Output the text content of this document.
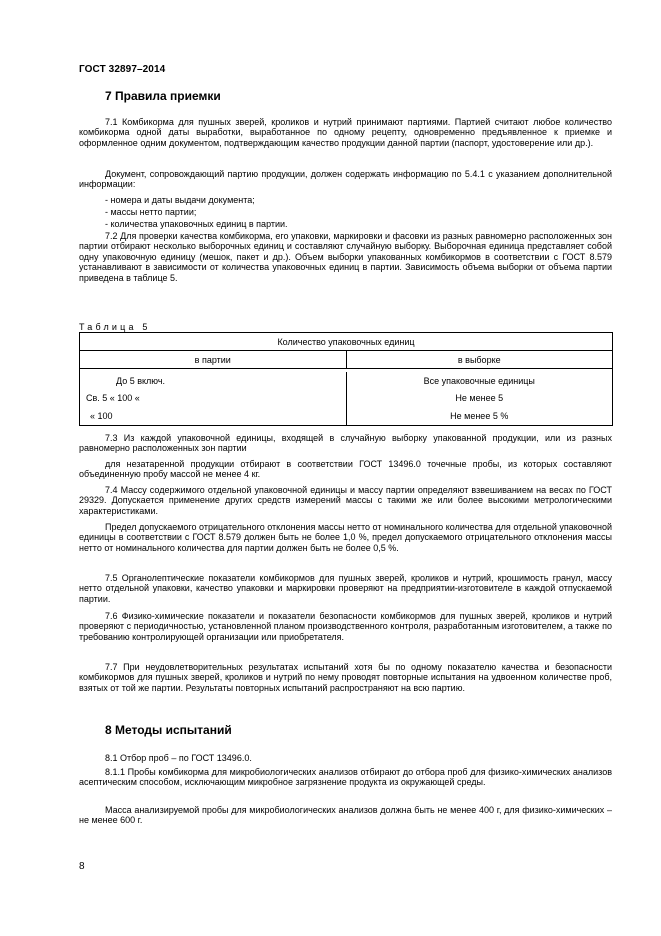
ГОСТ 32897–2014
7 Правила приемки

7.1 Комбикорма для пушных зверей, кроликов и нутрий принимают партиями. Партией считают любое количество комбикорма одной даты выработки, выработанное по одному рецепту, одновременно предъявленное к приемке и оформленное одним документом, подтверждающим качество продукции данной партии (паспорт, удостоверение или др.).

Документ, сопровождающий партию продукции, должен содержать информацию по 5.4.1 с указанием дополнительной информации:

- номера и даты выдачи документа;

- массы нетто партии;

- количества упаковочных единиц в партии.

7.2 Для проверки качества комбикорма, его упаковки, маркировки и фасовки из разных равномерно расположенных зон партии отбирают несколько выборочных единиц и составляют случайную выборку. Выборочная единица представляет собой одну упаковочную единицу (мешок, пакет и др.). Объем выборки упакованных комбикормов в соответствии с ГОСТ 8.579 устанавливают в зависимости от количества упаковочных единиц в партии. Зависимость объема выборки от объема партии приведена в таблице 5.

Таблица 5
Количество упаковочных единиц	
в партии	в выборке

До 5 включ.	Все упаковочные единицы
Св. 5 « 100 «	Не менее 5
« 100	Не менее 5 %

7.3 Из каждой упаковочной единицы, входящей в случайную выборку упакованной продукции, или из разных равномерно расположенных зон партии

для незатаренной продукции отбирают в соответствии ГОСТ 13496.0 точечные пробы, из которых составляют объединенную пробу массой не менее 4 кг.

7.4 Массу содержимого отдельной упаковочной единицы и массу партии определяют взвешиванием на весах по ГОСТ 29329. Допускается применение других средств измерений массы с такими же или более высокими метрологическими характеристиками.

Предел допускаемого отрицательного отклонения массы нетто от номинального количества для отдельной упаковочной единицы в соответствии с ГОСТ 8.579 должен быть не более 1,0 %, предел допускаемого отрицательного отклонения массы нетто от номинального количества для партии должен быть не более 0,5 %.

7.5 Органолептические показатели комбикормов для пушных зверей, кроликов и нутрий, крошимость гранул, массу нетто отдельной упаковки, качество упаковки и маркировки проверяют на предприятии-изготовителе в каждой отпускаемой партии.

7.6 Физико-химические показатели и показатели безопасности комбикормов для пушных зверей, кроликов и нутрий проверяют с периодичностью, установленной планом производственного контроля, разработанным изготовителем, а также по требованию контролирующей организации или приобретателя.

7.7 При неудовлетворительных результатах испытаний хотя бы по одному показателю качества и безопасности комбикормов для пушных зверей, кроликов и нутрий по нему проводят повторные испытания на удвоенном количестве проб, взятых от той же партии. Результаты повторных испытаний распространяют на всю партию.

8 Методы испытаний

8.1 Отбор проб – по ГОСТ 13496.0.

8.1.1 Пробы комбикорма для микробиологических анализов отбирают до отбора проб для физико-химических анализов асептическим способом, исключающим микробное загрязнение продукта из окружающей среды.

Масса анализируемой пробы для микробиологических анализов должна быть не менее 400 г, для физико-химических – не менее 600 г.

8
